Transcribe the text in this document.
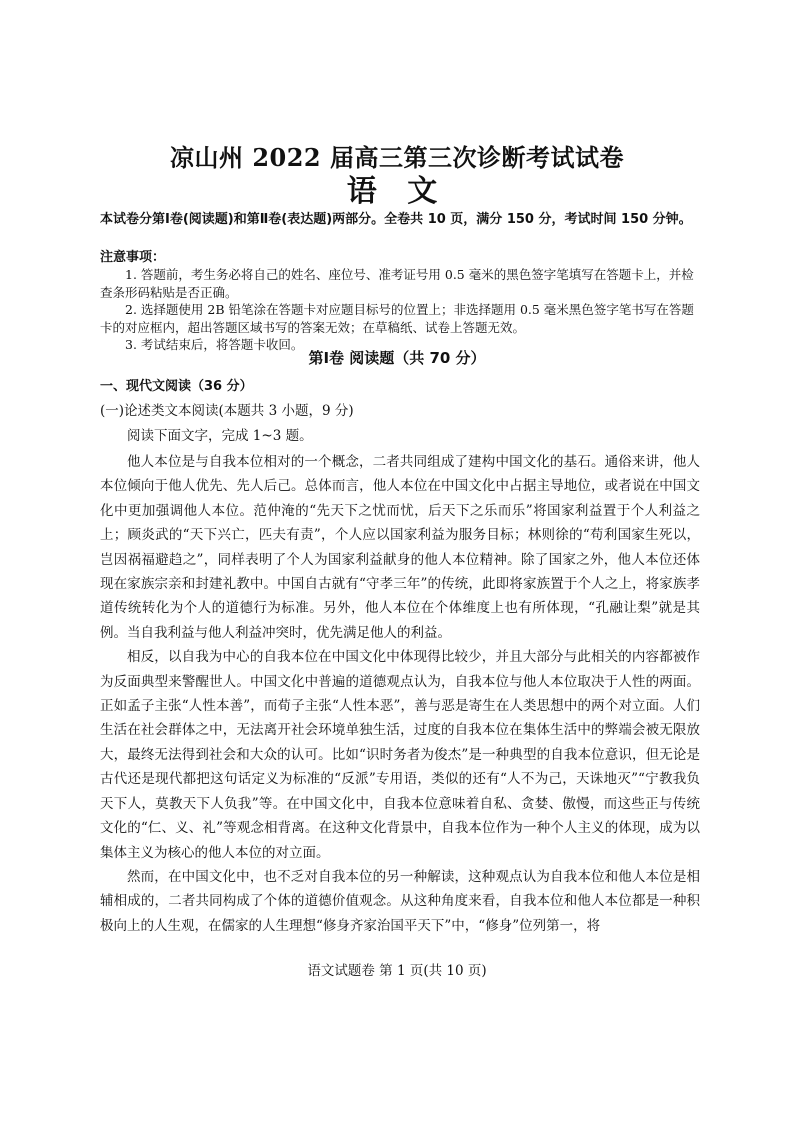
凉山州 2022 届高三第三次诊断考试试卷
语 文
本试卷分第Ⅰ卷(阅读题)和第Ⅱ卷(表达题)两部分。全卷共 10 页，满分 150 分，考试时间 150 分钟。
注意事项：

1. 答题前，考生务必将自己的姓名、座位号、准考证号用 0.5 毫米的黑色签字笔填写在答题卡上，并检查条形码粘贴是否正确。

2. 选择题使用 2B 铅笔涂在答题卡对应题目标号的位置上；非选择题用 0.5 毫米黑色签字笔书写在答题卡的对应框内，超出答题区域书写的答案无效；在草稿纸、试卷上答题无效。

3. 考试结束后，将答题卡收回。

第Ⅰ卷 阅读题（共 70 分）
一、现代文阅读（36 分）
(一)论述类文本阅读(本题共 3 小题，9 分)
阅读下面文字，完成 1~3 题。

他人本位是与自我本位相对的一个概念，二者共同组成了建构中国文化的基石。通俗来讲，他人本位倾向于他人优先、先人后己。总体而言，他人本位在中国文化中占据主导地位，或者说在中国文化中更加强调他人本位。范仲淹的“先天下之忧而忧，后天下之乐而乐”将国家利益置于个人利益之上；顾炎武的“天下兴亡，匹夫有责”，个人应以国家利益为服务目标；林则徐的“苟利国家生死以，岂因祸福避趋之”，同样表明了个人为国家利益献身的他人本位精神。除了国家之外，他人本位还体现在家族宗亲和封建礼教中。中国自古就有“守孝三年”的传统，此即将家族置于个人之上，将家族孝道传统转化为个人的道德行为标准。另外，他人本位在个体维度上也有所体现，“孔融让梨”就是其例。当自我利益与他人利益冲突时，优先满足他人的利益。

相反，以自我为中心的自我本位在中国文化中体现得比较少，并且大部分与此相关的内容都被作为反面典型来警醒世人。中国文化中普遍的道德观点认为，自我本位与他人本位取决于人性的两面。正如孟子主张“人性本善”，而荀子主张“人性本恶”，善与恶是寄生在人类思想中的两个对立面。人们生活在社会群体之中，无法离开社会环境单独生活，过度的自我本位在集体生活中的弊端会被无限放大，最终无法得到社会和大众的认可。比如“识时务者为俊杰”是一种典型的自我本位意识，但无论是古代还是现代都把这句话定义为标准的“反派”专用语，类似的还有“人不为己，天诛地灭”“宁教我负天下人，莫教天下人负我”等。在中国文化中，自我本位意味着自私、贪婪、傲慢，而这些正与传统文化的“仁、义、礼”等观念相背离。在这种文化背景中，自我本位作为一种个人主义的体现，成为以集体主义为核心的他人本位的对立面。

然而，在中国文化中，也不乏对自我本位的另一种解读，这种观点认为自我本位和他人本位是相辅相成的，二者共同构成了个体的道德价值观念。从这种角度来看，自我本位和他人本位都是一种积极向上的人生观，在儒家的人生理想“修身齐家治国平天下”中，“修身”位列第一，将

语文试题卷 第 1 页(共 10 页)
